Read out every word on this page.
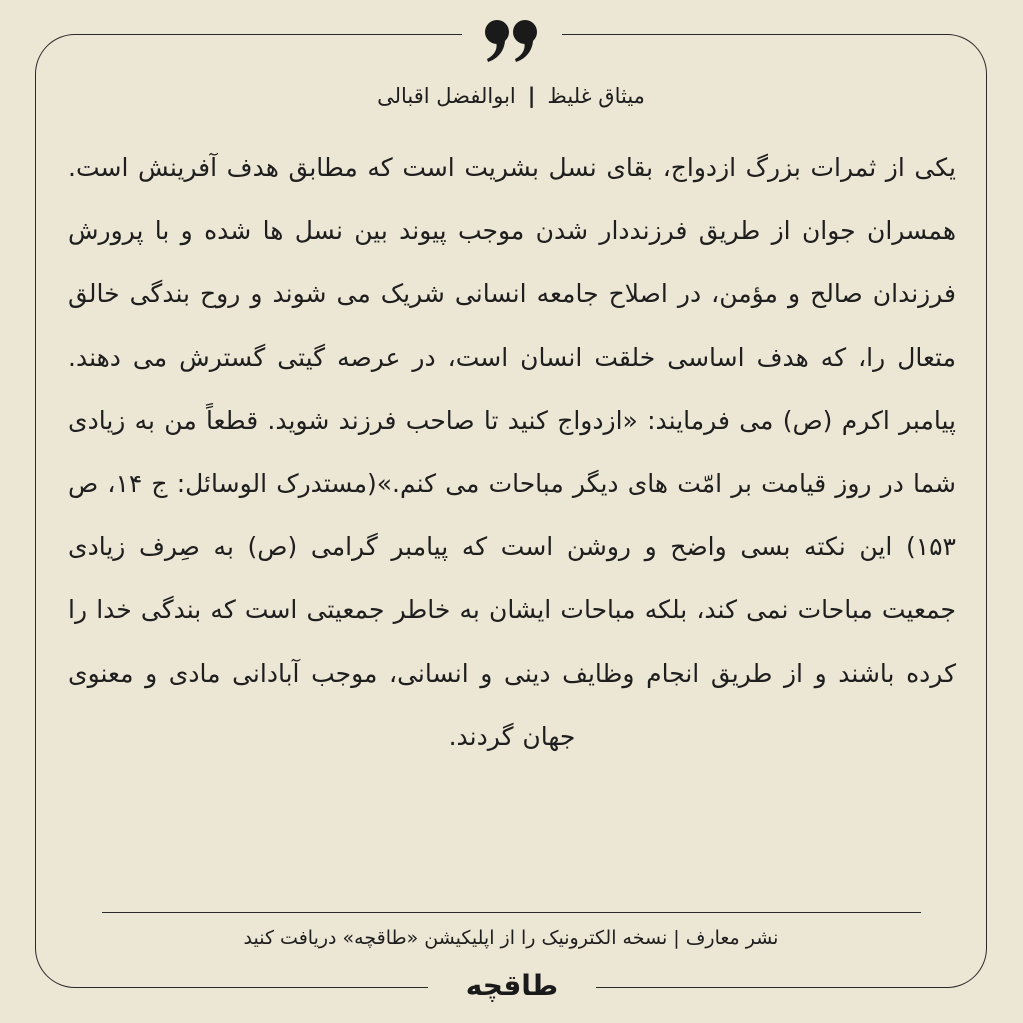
میثاق غلیظ|ابوالفضل اقبالی
یکی از ثمرات بزرگ ازدواج، بقای نسل بشریت است که مطابق هدف آفرینش است. همسران جوان از طریق فرزنددار شدن موجب پیوند بین نسل ها شده و با پرورش فرزندان صالح و مؤمن، در اصلاح جامعه انسانی شریک می شوند و روح بندگی خالق متعال را، که هدف اساسی خلقت انسان است، در عرصه گیتی گسترش می دهند. پیامبر اکرم (ص) می فرمایند: «ازدواج کنید تا صاحب فرزند شوید. قطعاً من به زیادی شما در روز قیامت بر امّت های دیگر مباحات می کنم.»(مستدرک الوسائل: ج ۱۴، ص ۱۵۳) این نکته بسی واضح و روشن است که پیامبر گرامی (ص) به صِرف زیادی جمعیت مباحات نمی کند، بلکه مباحات ایشان به خاطر جمعیتی است که بندگی خدا را کرده باشند و از طریق انجام وظایف دینی و انسانی، موجب آبادانی مادی و معنوی جهان گردند.
نشر معارف | نسخه الکترونیک را از اپلیکیشن «طاقچه» دریافت کنید
طاقچه
